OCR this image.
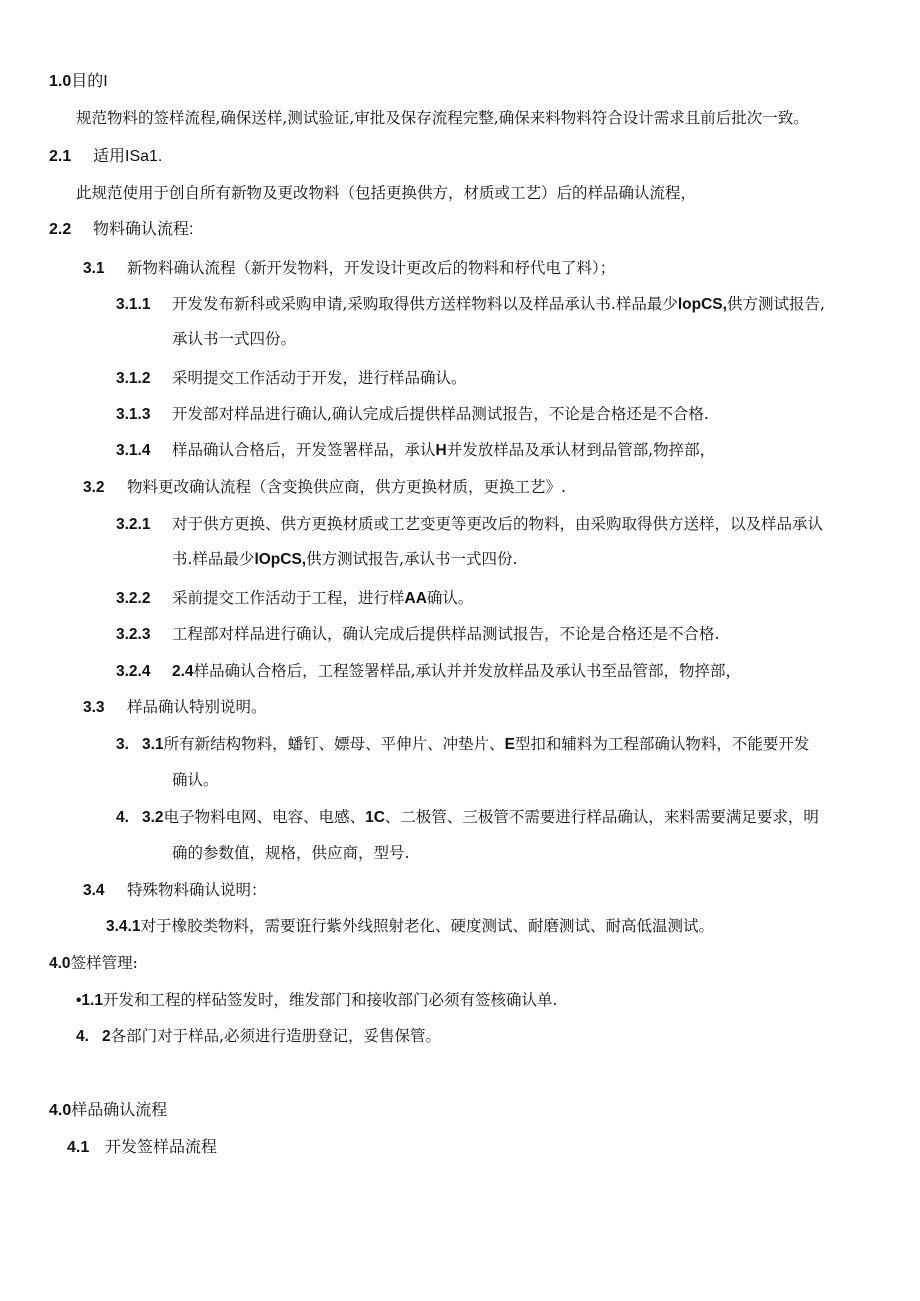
1.0目的I
规范物料的签样流程,确保送样,测试验证,审批及保存流程完整,确保来料物料符合设计需求且前后批次一致。
2.1 适用ISa1.
此规范使用于创自所有新物及更改物料（包括更换供方，材质或工艺）后的样品确认流程，
2.2 物料确认流程:
3.1 新物料确认流程（新开发物料，开发设计更改后的物料和杼代电了料）；
3.1.1 开发发布新科或采购申请,采购取得供方送样物料以及样品承认书.样品最少lopCS,供方测试报告,
承认书一式四份。
3.1.2 采明提交工作活动于开发，进行样品确认。
3.1.3 开发部对样品进行确认,确认完成后提供样品测试报告，不论是合格还是不合格.
3.1.4 样品确认合格后，开发签署样品，承认H并发放样品及承认材到品管部,物捽部，
3.2 物料更改确认流程（含变换供应商，供方更换材质，更换工艺》.
3.2.1 对于供方更换、供方更换材质或工艺变更等更改后的物料，由采购取得供方送样，以及样品承认
书.样品最少lOpCS,供方测试报告,承认书一式四份.
3.2.2 采前提交工作活动于工程，进行样AA确认。
3.2.3 工程部对样品进行确认，确认完成后提供样品测试报告，不论是合格还是不合格.
3.2.4 2.4样品确认合格后，工程签署样品,承认并并发放样品及承认书至品管部，物捽部，
3.3 样品确认特别说明。
3. 3.1所有新结构物料，蟠钉、嫖母、平伸片、冲垫片、E型扣和辅料为工程部确认物料，不能要开发
确认。
4. 3.2电子物料电网、电容、电感、1C、二极管、三极管不需要进行样品确认，来料需要满足要求，明
确的参数值，规格，供应商，型号.
3.4 特殊物料确认说明：
3.4.1对于橡胶类物料，需要诳行紫外线照射老化、硬度测试、耐磨测试、耐高低温测试。
4.0签样管理:
•1.1开发和工程的样砧签发时，维发部门和接收部门必须有签核确认单.
4. 2各部门对于样品,必须进行造册登记，妥售保管。
4.0样品确认流程
4.1 开发签样品流程
